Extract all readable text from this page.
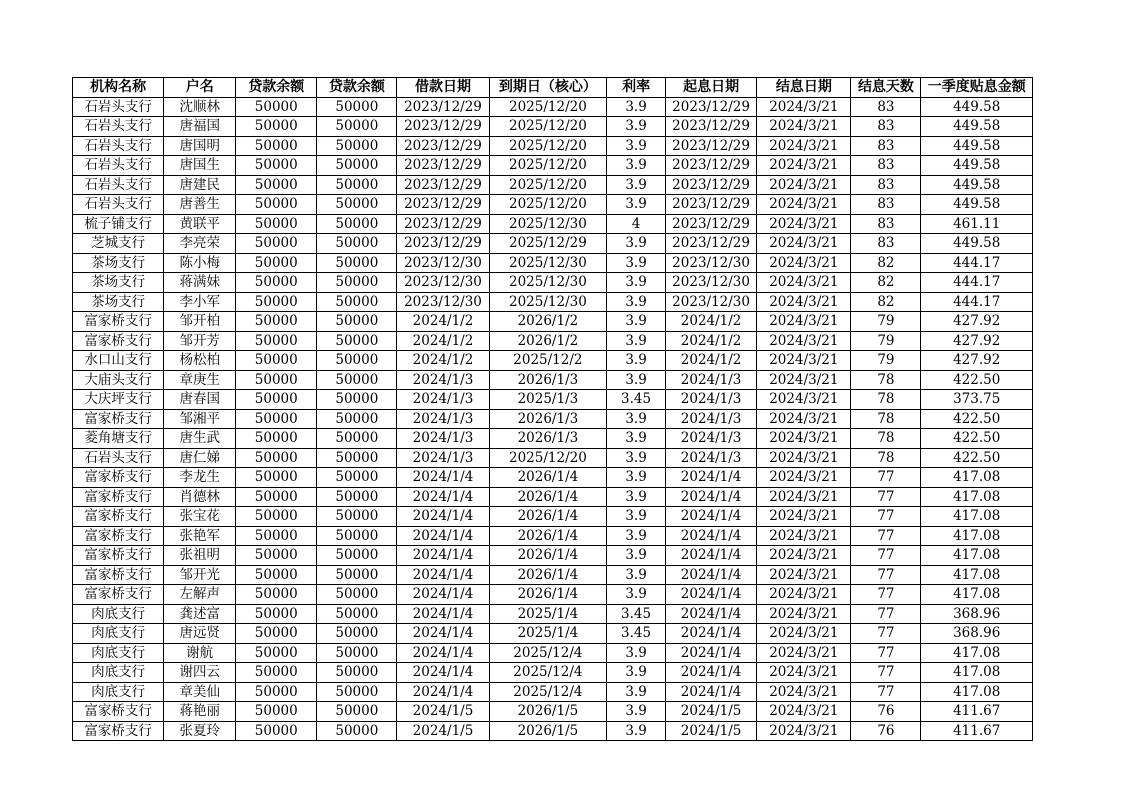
机构名称	户名	贷款余额	贷款余额	借款日期	到期日（核心）	利率	起息日期	结息日期	结息天数	一季度贴息金额
石岩头支行	沈顺林	50000	50000	2023/12/29	2025/12/20	3.9	2023/12/29	2024/3/21	83	449.58
石岩头支行	唐福国	50000	50000	2023/12/29	2025/12/20	3.9	2023/12/29	2024/3/21	83	449.58
石岩头支行	唐国明	50000	50000	2023/12/29	2025/12/20	3.9	2023/12/29	2024/3/21	83	449.58
石岩头支行	唐国生	50000	50000	2023/12/29	2025/12/20	3.9	2023/12/29	2024/3/21	83	449.58
石岩头支行	唐建民	50000	50000	2023/12/29	2025/12/20	3.9	2023/12/29	2024/3/21	83	449.58
石岩头支行	唐善生	50000	50000	2023/12/29	2025/12/20	3.9	2023/12/29	2024/3/21	83	449.58
梳子铺支行	黄联平	50000	50000	2023/12/29	2025/12/30	4	2023/12/29	2024/3/21	83	461.11
芝城支行	李亮荣	50000	50000	2023/12/29	2025/12/29	3.9	2023/12/29	2024/3/21	83	449.58
茶场支行	陈小梅	50000	50000	2023/12/30	2025/12/30	3.9	2023/12/30	2024/3/21	82	444.17
茶场支行	蒋满妹	50000	50000	2023/12/30	2025/12/30	3.9	2023/12/30	2024/3/21	82	444.17
茶场支行	李小军	50000	50000	2023/12/30	2025/12/30	3.9	2023/12/30	2024/3/21	82	444.17
富家桥支行	邹开柏	50000	50000	2024/1/2	2026/1/2	3.9	2024/1/2	2024/3/21	79	427.92
富家桥支行	邹开芳	50000	50000	2024/1/2	2026/1/2	3.9	2024/1/2	2024/3/21	79	427.92
水口山支行	杨松柏	50000	50000	2024/1/2	2025/12/2	3.9	2024/1/2	2024/3/21	79	427.92
大庙头支行	章庚生	50000	50000	2024/1/3	2026/1/3	3.9	2024/1/3	2024/3/21	78	422.50
大庆坪支行	唐春国	50000	50000	2024/1/3	2025/1/3	3.45	2024/1/3	2024/3/21	78	373.75
富家桥支行	邹湘平	50000	50000	2024/1/3	2026/1/3	3.9	2024/1/3	2024/3/21	78	422.50
菱角塘支行	唐生武	50000	50000	2024/1/3	2026/1/3	3.9	2024/1/3	2024/3/21	78	422.50
石岩头支行	唐仁娣	50000	50000	2024/1/3	2025/12/20	3.9	2024/1/3	2024/3/21	78	422.50
富家桥支行	李龙生	50000	50000	2024/1/4	2026/1/4	3.9	2024/1/4	2024/3/21	77	417.08
富家桥支行	肖德林	50000	50000	2024/1/4	2026/1/4	3.9	2024/1/4	2024/3/21	77	417.08
富家桥支行	张宝花	50000	50000	2024/1/4	2026/1/4	3.9	2024/1/4	2024/3/21	77	417.08
富家桥支行	张艳军	50000	50000	2024/1/4	2026/1/4	3.9	2024/1/4	2024/3/21	77	417.08
富家桥支行	张祖明	50000	50000	2024/1/4	2026/1/4	3.9	2024/1/4	2024/3/21	77	417.08
富家桥支行	邹开光	50000	50000	2024/1/4	2026/1/4	3.9	2024/1/4	2024/3/21	77	417.08
富家桥支行	左解声	50000	50000	2024/1/4	2026/1/4	3.9	2024/1/4	2024/3/21	77	417.08
肉底支行	龚述富	50000	50000	2024/1/4	2025/1/4	3.45	2024/1/4	2024/3/21	77	368.96
肉底支行	唐远贤	50000	50000	2024/1/4	2025/1/4	3.45	2024/1/4	2024/3/21	77	368.96
肉底支行	谢航	50000	50000	2024/1/4	2025/12/4	3.9	2024/1/4	2024/3/21	77	417.08
肉底支行	谢四云	50000	50000	2024/1/4	2025/12/4	3.9	2024/1/4	2024/3/21	77	417.08
肉底支行	章美仙	50000	50000	2024/1/4	2025/12/4	3.9	2024/1/4	2024/3/21	77	417.08
富家桥支行	蒋艳丽	50000	50000	2024/1/5	2026/1/5	3.9	2024/1/5	2024/3/21	76	411.67
富家桥支行	张夏玲	50000	50000	2024/1/5	2026/1/5	3.9	2024/1/5	2024/3/21	76	411.67
